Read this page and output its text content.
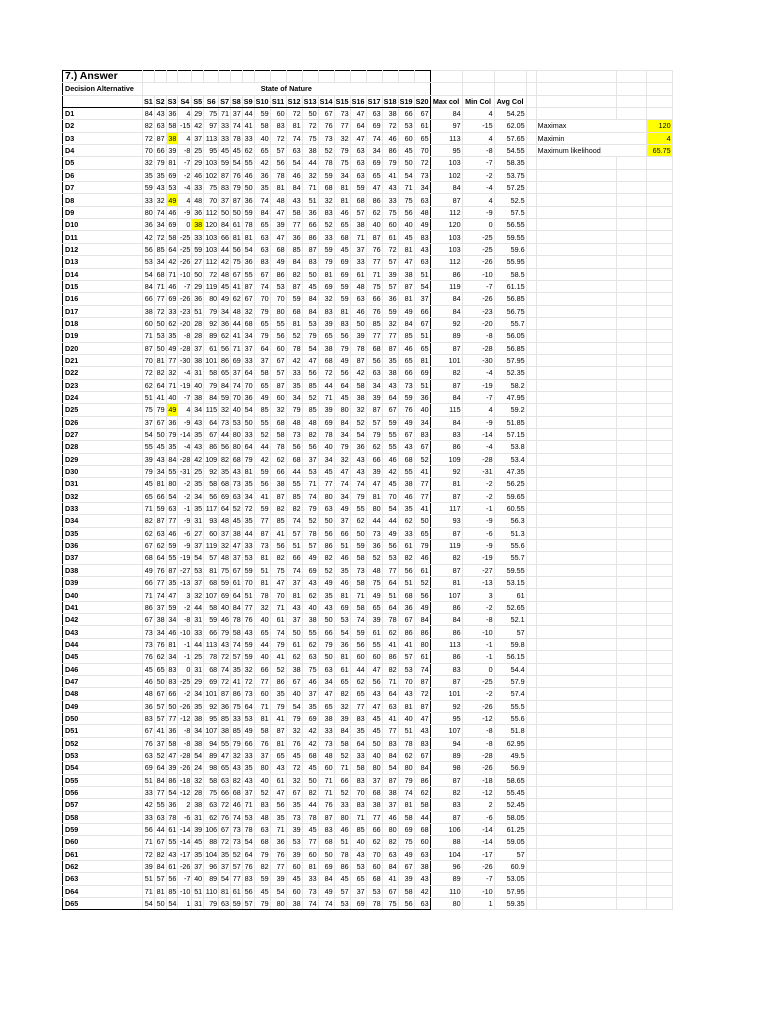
7.) Answer																											
Decision Alternative	State of Nature																										
	S1	S2	S3	S4	S5	S6	S7	S8	S9	S10	S11	S12	S13	S14	S15	S16	S17	S18	S19	S20	Max col	Min Col	Avg Col				
D1	84	43	36	4	29	75	71	37	44	59	60	72	50	67	73	47	63	38	66	67	84	4	54.25				
D2	82	63	58	-15	42	97	33	74	41	58	83	81	72	76	77	64	69	72	53	61	97	-15	62.05		Maximax		120
D3	72	87	38	4	37	113	33	78	33	40	72	74	75	73	32	47	74	46	60	65	113	4	57.65		Maximin		4
D4	70	66	39	-8	25	95	45	45	62	65	57	63	38	52	79	63	34	86	45	70	95	-8	54.55		Maximum likelihood		65.75
D5	32	79	81	-7	29	103	59	54	55	42	56	54	44	78	75	63	69	79	50	72	103	-7	58.35				
D6	35	35	69	-2	46	102	87	76	46	36	78	46	32	59	34	63	65	41	54	73	102	-2	53.75				
D7	59	43	53	-4	33	75	83	79	50	35	81	84	71	68	81	59	47	43	71	34	84	-4	57.25				
D8	33	32	49	4	48	70	37	87	36	74	48	43	51	32	81	68	86	33	75	63	87	4	52.5				
D9	80	74	46	-9	36	112	50	50	59	84	47	58	36	83	46	57	62	75	56	48	112	-9	57.5				
D10	36	34	69	0	38	120	84	61	78	65	39	77	66	52	65	38	40	60	40	49	120	0	56.55				
D11	42	72	58	-25	33	103	66	81	81	63	47	36	86	33	68	71	87	61	45	83	103	-25	59.55				
D12	56	85	64	-25	59	103	44	56	54	63	68	85	87	59	45	37	76	72	81	43	103	-25	59.6				
D13	53	34	42	-26	27	112	42	75	36	83	49	84	83	79	69	33	77	57	47	63	112	-26	55.95				
D14	54	68	71	-10	50	72	48	67	55	67	86	82	50	81	69	61	71	39	38	51	86	-10	58.5				
D15	84	71	46	-7	29	119	45	41	87	74	53	87	45	69	59	48	75	57	87	54	119	-7	61.15				
D16	66	77	69	-26	36	80	49	62	67	70	70	59	84	32	59	63	66	36	81	37	84	-26	56.85				
D17	38	72	33	-23	51	79	34	48	32	79	80	68	84	83	81	46	76	59	49	66	84	-23	56.75				
D18	60	50	62	-20	28	92	36	44	68	65	55	81	53	39	83	50	85	32	84	67	92	-20	55.7				
D19	71	53	35	-8	28	89	62	41	34	79	56	52	79	65	56	39	77	77	85	51	89	-8	56.05				
D20	87	50	49	-28	37	61	56	71	37	64	60	78	54	38	79	78	68	87	46	65	87	-28	56.85				
D21	70	81	77	-30	38	101	86	69	33	37	67	42	47	68	49	87	56	35	65	81	101	-30	57.95				
D22	72	82	32	-4	31	58	65	37	64	58	57	33	56	72	56	42	63	38	66	69	82	-4	52.35				
D23	62	64	71	-19	40	79	84	74	70	65	87	35	85	44	64	58	34	43	73	51	87	-19	58.2				
D24	51	41	40	-7	38	84	59	70	36	49	60	34	52	71	45	38	39	64	59	36	84	-7	47.95				
D25	75	79	49	4	34	115	32	40	54	85	32	79	85	39	80	32	87	67	76	40	115	4	59.2				
D26	37	67	36	-9	43	64	73	53	50	55	68	48	48	69	84	52	57	59	49	34	84	-9	51.85				
D27	54	50	79	-14	35	67	44	80	33	52	58	73	82	78	34	54	79	55	67	83	83	-14	57.15				
D28	55	45	35	-4	43	86	56	80	64	44	78	56	56	40	79	36	62	55	43	67	86	-4	53.8				
D29	39	43	84	-28	42	109	82	68	79	42	62	68	37	34	32	43	66	46	68	52	109	-28	53.4				
D30	79	34	55	-31	25	92	35	43	81	59	66	44	53	45	47	43	39	42	55	41	92	-31	47.35				
D31	45	81	80	-2	35	58	68	73	35	56	38	55	71	77	74	74	47	45	38	77	81	-2	56.25				
D32	65	66	54	-2	34	56	69	63	34	41	87	85	74	80	34	79	81	70	46	77	87	-2	59.65				
D33	71	59	63	-1	35	117	64	52	72	59	82	82	79	63	49	55	80	54	35	41	117	-1	60.55				
D34	82	87	77	-9	31	93	48	45	35	77	85	74	52	50	37	62	44	44	62	50	93	-9	56.3				
D35	62	63	46	-6	27	60	37	38	44	87	41	57	78	56	66	50	73	49	33	65	87	-6	51.3				
D36	67	62	59	-9	37	119	32	47	33	73	56	51	57	86	51	59	36	56	61	79	119	-9	55.6				
D37	68	64	55	-19	54	57	48	37	53	81	82	66	49	82	46	58	52	53	82	46	82	-19	55.7				
D38	49	76	87	-27	53	81	75	67	59	51	75	74	69	52	35	73	48	77	56	61	87	-27	59.55				
D39	66	77	35	-13	37	68	59	61	70	81	47	37	43	49	46	58	75	64	51	52	81	-13	53.15				
D40	71	74	47	3	32	107	69	64	51	78	70	81	62	35	81	71	49	51	68	56	107	3	61				
D41	86	37	59	-2	44	58	40	84	77	32	71	43	40	43	69	58	65	64	36	49	86	-2	52.65				
D42	67	38	34	-8	31	59	46	78	76	40	61	37	38	50	53	74	39	78	67	84	84	-8	52.1				
D43	73	34	46	-10	33	66	79	58	43	65	74	50	55	66	54	59	61	62	86	86	86	-10	57				
D44	73	76	81	-1	44	113	43	74	59	44	79	61	62	79	36	56	55	41	41	80	113	-1	59.8				
D45	76	62	34	-1	25	78	72	57	59	40	41	62	63	50	81	60	60	86	57	61	86	-1	56.15				
D46	45	65	83	0	31	68	74	35	32	66	52	38	75	63	61	44	47	82	53	74	83	0	54.4				
D47	46	50	83	-25	29	69	72	41	72	77	86	67	46	34	65	62	56	71	70	87	87	-25	57.9				
D48	48	67	66	-2	34	101	87	86	73	60	35	40	37	47	82	65	43	64	43	72	101	-2	57.4				
D49	36	57	50	-26	35	92	36	75	64	71	79	54	35	65	32	77	47	63	81	87	92	-26	55.5				
D50	83	57	77	-12	38	95	85	33	53	81	41	79	69	38	39	83	45	41	40	47	95	-12	55.6				
D51	67	41	36	-8	34	107	38	85	49	58	87	32	42	33	84	35	45	77	51	43	107	-8	51.8				
D52	76	37	58	-8	38	94	55	79	66	76	81	76	42	73	58	64	50	83	78	83	94	-8	62.95				
D53	63	52	47	-28	54	89	47	32	33	37	65	45	68	48	52	33	40	84	62	67	89	-28	49.5				
D54	69	64	39	-26	24	98	65	43	35	80	43	72	45	60	71	58	80	54	80	84	98	-26	56.9				
D55	51	84	86	-18	32	58	63	82	43	40	61	32	50	71	66	83	37	87	79	86	87	-18	58.65				
D56	33	77	54	-12	28	75	66	68	37	52	47	67	82	71	52	70	68	38	74	62	82	-12	55.45				
D57	42	55	36	2	38	63	72	46	71	83	56	35	44	76	33	83	38	37	81	58	83	2	52.45				
D58	33	63	78	-6	31	62	76	74	53	48	35	73	78	87	80	71	77	46	58	44	87	-6	58.05				
D59	56	44	61	-14	39	106	67	73	78	63	71	39	45	83	46	85	66	80	69	68	106	-14	61.25				
D60	71	67	55	-14	45	88	72	73	54	68	36	53	77	68	51	40	62	82	75	60	88	-14	59.05				
D61	72	82	43	-17	35	104	35	52	64	79	76	39	60	50	78	43	70	63	49	63	104	-17	57				
D62	39	84	61	-26	37	96	37	57	76	82	77	60	81	69	86	53	60	84	67	38	96	-26	60.9				
D63	51	57	56	-7	40	89	54	77	83	59	39	45	33	84	45	65	68	41	39	43	89	-7	53.05				
D64	71	81	85	-10	51	110	81	61	56	45	54	60	73	49	57	37	53	67	58	42	110	-10	57.95				
D65	54	50	54	1	31	79	63	59	57	79	80	38	74	74	53	69	78	75	56	63	80	1	59.35				
